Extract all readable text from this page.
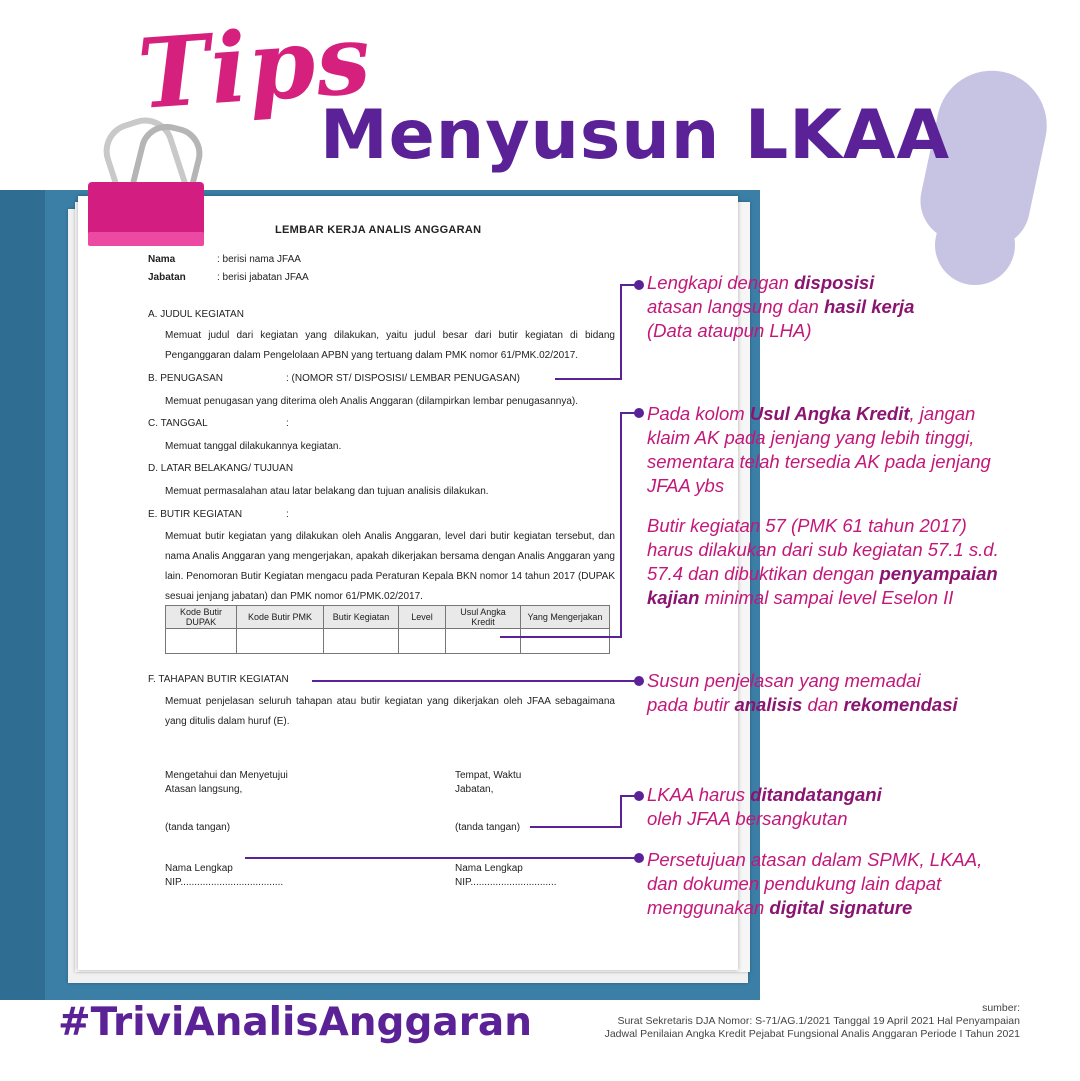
Tips
Menyusun LKAA
LEMBAR KERJA ANALIS ANGGARAN
Nama	: berisi nama JFAA
Jabatan	: berisi jabatan JFAA
A. JUDUL KEGIATAN
Memuat judul dari kegiatan yang dilakukan, yaitu judul besar dari butir kegiatan di bidang Penganggaran dalam Pengelolaan APBN yang tertuang dalam PMK nomor 61/PMK.02/2017.
B. PENUGASAN	: (NOMOR ST/ DISPOSISI/ LEMBAR PENUGASAN)
Memuat penugasan yang diterima oleh Analis Anggaran (dilampirkan lembar penugasannya).
C. TANGGAL	:
Memuat tanggal dilakukannya kegiatan.
D. LATAR BELAKANG/ TUJUAN
Memuat permasalahan atau latar belakang dan tujuan analisis dilakukan.
E. BUTIR KEGIATAN	:
Memuat butir kegiatan yang dilakukan oleh Analis Anggaran, level dari butir kegiatan tersebut, dan nama Analis Anggaran yang mengerjakan, apakah dikerjakan bersama dengan Analis Anggaran yang lain. Penomoran Butir Kegiatan mengacu pada Peraturan Kepala BKN nomor 14 tahun 2017 (DUPAK sesuai jenjang jabatan) dan PMK nomor 61/PMK.02/2017.
Kode Butir DUPAK	Kode Butir PMK	Butir Kegiatan	Level	Usul Angka Kredit	Yang Mengerjakan

F. TAHAPAN BUTIR KEGIATAN
Memuat penjelasan seluruh tahapan atau butir kegiatan yang dikerjakan oleh JFAA sebagaimana yang ditulis dalam huruf (E).
Mengetahui dan Menyetujui
Atasan langsung,
(tanda tangan)
Nama Lengkap
NIP.....................................
Tempat, Waktu
Jabatan,
(tanda tangan)
Nama Lengkap
NIP...............................
Lengkapi dengan disposisi
atasan langsung dan hasil kerja
(Data ataupun LHA)
Pada kolom Usul Angka Kredit, jangan
klaim AK pada jenjang yang lebih tinggi,
sementara telah tersedia AK pada jenjang
JFAA ybs
Butir kegiatan 57 (PMK 61 tahun 2017)
harus dilakukan dari sub kegiatan 57.1 s.d.
57.4 dan dibuktikan dengan penyampaian
kajian minimal sampai level Eselon II
Susun penjelasan yang memadai
pada butir analisis dan rekomendasi
LKAA harus ditandatangani
oleh JFAA bersangkutan
Persetujuan atasan dalam SPMK, LKAA,
dan dokumen pendukung lain dapat
menggunakan digital signature
#TriviAnalisAnggaran	sumber:
Surat Sekretaris DJA Nomor: S-71/AG.1/2021 Tanggal 19 April 2021 Hal Penyampaian
Jadwal Penilaian Angka Kredit Pejabat Fungsional Analis Anggaran Periode I Tahun 2021
